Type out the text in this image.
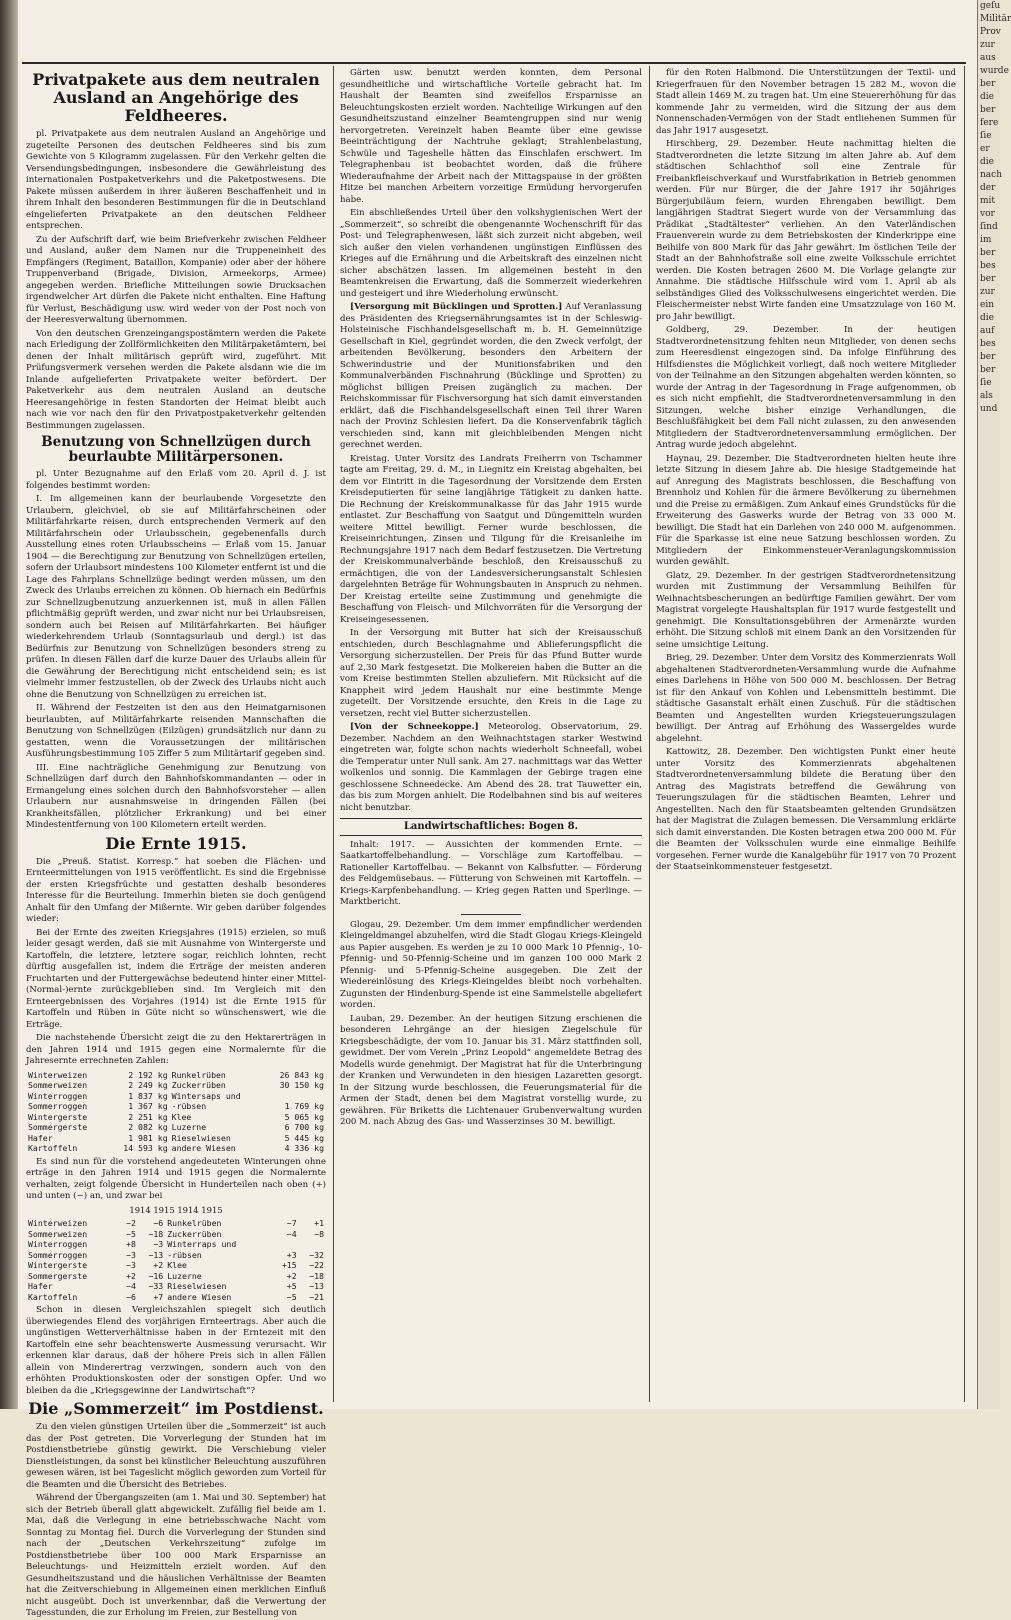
Privatpakete aus dem neutralen Ausland an Angehörige des Feldheeres.

pl. Privatpakete aus dem neutralen Ausland an Angehörige und zugeteilte Personen des deutschen Feldheeres sind bis zum Gewichte von 5 Kilogramm zugelassen. Für den Verkehr gelten die Versendungsbedingungen, insbesondere die Gewährleistung des internationalen Postpaketverkehrs und die Paketpostwesens. Die Pakete müssen außerdem in ihrer äußeren Beschaffenheit und in ihrem Inhalt den besonderen Bestimmungen für die in Deutschland eingelieferten Privatpakete an den deutschen Feldheer entsprechen.

Zu der Aufschrift darf, wie beim Briefverkehr zwischen Feldheer und Ausland, außer dem Namen nur die Truppeneinheit des Empfängers (Regiment, Bataillon, Kompanie) oder aber der höhere Truppenverband (Brigade, Division, Armeekorps, Armee) angegeben werden. Briefliche Mitteilungen sowie Drucksachen irgendwelcher Art dürfen die Pakete nicht enthalten. Eine Haftung für Verlust, Beschädigung usw. wird weder von der Post noch von der Heeresverwaltung übernommen.

Von den deutschen Grenzeingangspostämtern werden die Pakete nach Erledigung der Zollförmlichkeiten den Militärpaketämtern, bei denen der Inhalt militärisch geprüft wird, zugeführt. Mit Prüfungsvermerk versehen werden die Pakete alsdann wie die im Inlande aufgelieferten Privatpakete weiter befördert. Der Paketverkehr aus dem neutralen Ausland an deutsche Heeresangehörige in festen Standorten der Heimat bleibt auch nach wie vor nach den für den Privatpostpaketverkehr geltenden Bestimmungen zugelassen.

Benutzung von Schnellzügen durch beurlaubte Militärpersonen.

pl. Unter Bezugnahme auf den Erlaß vom 20. April d. J. ist folgendes bestimmt worden:

I. Im allgemeinen kann der beurlaubende Vorgesetzte den Urlaubern, gleichviel, ob sie auf Militärfahrscheinen oder Militärfahrkarte reisen, durch entsprechenden Vermerk auf den Militärfahrschein oder Urlaubsschein, gegebenenfalls durch Ausstellung eines roten Urlaubsscheins — Erlaß vom 15. Januar 1904 — die Berechtigung zur Benutzung von Schnellzügen erteilen, sofern der Urlaubsort mindestens 100 Kilometer entfernt ist und die Lage des Fahrplans Schnellzüge bedingt werden müssen, um den Zweck des Urlaubs erreichen zu können. Ob hiernach ein Bedürfnis zur Schnellzugbenutzung anzuerkennen ist, muß in allen Fällen pflichtmäßig geprüft werden, und zwar nicht nur bei Urlaubsreisen, sondern auch bei Reisen auf Militärfahrkarten. Bei häufiger wiederkehrendem Urlaub (Sonntagsurlaub und dergl.) ist das Bedürfnis zur Benutzung von Schnellzügen besonders streng zu prüfen. In diesen Fällen darf die kurze Dauer des Urlaubs allein für die Gewährung der Berechtigung nicht entscheidend sein; es ist vielmehr immer festzustellen, ob der Zweck des Urlaubs nicht auch ohne die Benutzung von Schnellzügen zu erreichen ist.

II. Während der Festzeiten ist den aus den Heimatgarnisonen beurlaubten, auf Militärfahrkarte reisenden Mannschaften die Benutzung von Schnellzügen (Eilzügen) grundsätzlich nur dann zu gestatten, wenn die Voraussetzungen der militärischen Ausführungsbestimmung 105 Ziffer 5 zum Militärtarif gegeben sind.

III. Eine nachträgliche Genehmigung zur Benutzung von Schnellzügen darf durch den Bahnhofskommandanten — oder in Ermangelung eines solchen durch den Bahnhofsvorsteher — allen Urlaubern nur ausnahmsweise in dringenden Fällen (bei Krankheitsfällen, plötzlicher Erkrankung) und bei einer Mindestentfernung von 100 Kilometern erteilt werden.

Die Ernte 1915.

Die „Preuß. Statist. Korresp.“ hat soeben die Flächen- und Ernteermittelungen von 1915 veröffentlicht. Es sind die Ergebnisse der ersten Kriegsfrüchte und gestatten deshalb besonderes Interesse für die Beurteilung. Immerhin bieten sie doch genügend Anhalt für den Umfang der Mißernte. Wir geben darüber folgendes wieder:

Bei der Ernte des zweiten Kriegsjahres (1915) erzielen, so muß leider gesagt werden, daß sie mit Ausnahme von Wintergerste und Kartoffeln, die letztere, letztere sogar, reichlich lohnten, recht dürftig ausgefallen ist, indem die Erträge der meisten anderen Fruchtarten und der Futtergewächse bedeutend hinter einer Mittel-(Normal-)ernte zurückgeblieben sind. Im Vergleich mit den Ernteergebnissen des Vorjahres (1914) ist die Ernte 1915 für Kartoffeln und Rüben in Güte nicht so wünschenswert, wie die Erträge.

Die nachstehende Übersicht zeigt die zu den Hektarerträgen in den Jahren 1914 und 1915 gegen eine Normalernte für die Jahresernte errechneten Zahlen:

Winterweizen	2 192 kg	Runkelrüben	26 843 kg
Sommerweizen	2 249 kg	Zuckerrüben	30 150 kg
Winterroggen	1 837 kg	Wintersaps und	
Sommerroggen	1 367 kg	-rübsen	1 769 kg
Wintergerste	2 251 kg	Klee	5 065 kg
Sommergerste	2 082 kg	Luzerne	6 700 kg
Hafer	1 981 kg	Rieselwiesen	5 445 kg
Kartoffeln	14 593 kg	andere Wiesen	4 336 kg

Es sind nun für die vorstehend angedeuteten Winterungen ohne erträge in den Jahren 1914 und 1915 gegen die Normalernte verhalten, zeigt folgende Übersicht in Hunderteilen nach oben (+) und unten (−) an, und zwar bei

1914 1915 1914 1915
Winterweizen	−2	−6	Runkelrüben	−7	+1
Sommerweizen	−5	−18	Zuckerrüben	−4	−8
Winterroggen	+8	−3	Winterraps und		
Sommerroggen	−3	−13	-rübsen	+3	−32
Wintergerste	−3	+2	Klee	+15	−22
Sommergerste	+2	−16	Luzerne	+2	−18
Hafer	−4	−33	Rieselwiesen	+5	−13
Kartoffeln	−6	+7	andere Wiesen	−5	−21

Schon in diesen Vergleichszahlen spiegelt sich deutlich überwiegendes Elend des vorjährigen Ernteertrags. Aber auch die ungünstigen Wetterverhältnisse haben in der Erntezeit mit den Kartoffeln eine sehr beachtenswerte Ausmessung verursacht. Wir erkennen klar daraus, daß der höhere Preis sich in allen Fällen allein von Minderertrag verzwingen, sondern auch von den erhöhten Produktionskosten oder der sonstigen Opfer. Und wo bleiben da die „Kriegsgewinne der Landwirtschaft“?

Die „Sommerzeit“ im Postdienst.

Zu den vielen günstigen Urteilen über die „Sommerzeit“ ist auch das der Post getreten. Die Vorverlegung der Stunden hat im Postdienstbetriebe günstig gewirkt. Die Verschiebung vieler Dienstleistungen, da sonst bei künstlicher Beleuchtung auszuführen gewesen wären, ist bei Tageslicht möglich geworden zum Vorteil für die Beamten und die Übersicht des Betriebes.

Während der Übergangszeiten (am 1. Mai und 30. September) hat sich der Betrieb überall glatt abgewickelt. Zufällig fiel beide am 1. Mai, daß die Verlegung in eine betriebsschwache Nacht vom Sonntag zu Montag fiel. Durch die Vorverlegung der Stunden sind nach der „Deutschen Verkehrszeitung“ zufolge im Postdienstbetriebe über 100 000 Mark Ersparnisse an Beleuchtungs- und Heizmitteln erzielt worden. Auf den Gesundheitszustand und die häuslichen Verhältnisse der Beamten hat die Zeitverschiebung in Allgemeinen einen merklichen Einfluß nicht ausgeübt. Doch ist unverkennbar, daß die Verwertung der Tagesstunden, die zur Erholung im Freien, zur Bestellung von

Gärten usw. benutzt werden konnten, dem Personal gesundheitliche und wirtschaftliche Vorteile gebracht hat. Im Haushalt der Beamten sind zweifellos Ersparnisse an Beleuchtungskosten erzielt worden. Nachteilige Wirkungen auf den Gesundheitszustand einzelner Beamtengruppen sind nur wenig hervorgetreten. Vereinzelt haben Beamte über eine gewisse Beeinträchtigung der Nachtruhe geklagt; Strahlenbelastung, Schwüle und Tageshelle hätten das Einschlafen erschwert. Im Telegraphenbau ist beobachtet worden, daß die frühere Wiederaufnahme der Arbeit nach der Mittagspause in der größten Hitze bei manchen Arbeitern vorzeitige Ermüdung hervorgerufen habe.

Ein abschließendes Urteil über den volkshygienischen Wert der „Sommerzeit“, so schreibt die obengenannte Wochenschrift für das Post- und Telegraphenwesen, läßt sich zurzeit nicht abgeben, weil sich außer den vielen vorhandenen ungünstigen Einflüssen des Krieges auf die Ernährung und die Arbeitskraft des einzelnen nicht sicher abschätzen lassen. Im allgemeinen besteht in den Beamtenkreisen die Erwartung, daß die Sommerzeit wiederkehren und gesteigert und ihre Wiederholung erwünscht.

[Versorgung mit Bücklingen und Sprotten.] Auf Veranlassung des Präsidenten des Kriegsernährungsamtes ist in der Schleswig-Holsteinische Fischhandelsgesellschaft m. b. H. Gemeinnützige Gesellschaft in Kiel, gegründet worden, die den Zweck verfolgt, der arbeitenden Bevölkerung, besonders den Arbeitern der Schwerindustrie und der Munitionsfabriken und den Kommunalverbänden Fischnahrung (Bücklinge und Sprotten) zu möglichst billigen Preisen zugänglich zu machen. Der Reichskommissar für Fischversorgung hat sich damit einverstanden erklärt, daß die Fischhandelsgesellschaft einen Teil ihrer Waren nach der Provinz Schlesien liefert. Da die Konservenfabrik täglich verschieden sind, kann mit gleichbleibenden Mengen nicht gerechnet werden.

Kreistag. Unter Vorsitz des Landrats Freiherrn von Tschammer tagte am Freitag, 29. d. M., in Liegnitz ein Kreistag abgehalten, bei dem vor Eintritt in die Tagesordnung der Vorsitzende dem Ersten Kreisdeputierten für seine langjährige Tätigkeit zu danken hatte. Die Rechnung der Kreiskommunalkasse für das Jahr 1915 wurde entlastet. Zur Beschaffung von Saatgut und Düngemitteln wurden weitere Mittel bewilligt. Ferner wurde beschlossen, die Kreiseinrichtungen, Zinsen und Tilgung für die Kreisanleihe im Rechnungsjahre 1917 nach dem Bedarf festzusetzen. Die Vertretung der Kreiskommunalverbände beschloß, den Kreisausschuß zu ermächtigen, die von der Landesversicherungsanstalt Schlesien dargelehnten Beträge für Wohnungsbauten in Anspruch zu nehmen. Der Kreistag erteilte seine Zustimmung und genehmigte die Beschaffung von Fleisch- und Milchvorräten für die Versorgung der Kreiseingesessenen.

In der Versorgung mit Butter hat sich der Kreisausschuß entschieden, durch Beschlagnahme und Ablieferungspflicht die Versorgung sicherzustellen. Der Preis für das Pfund Butter wurde auf 2,30 Mark festgesetzt. Die Molkereien haben die Butter an die vom Kreise bestimmten Stellen abzuliefern. Mit Rücksicht auf die Knappheit wird jedem Haushalt nur eine bestimmte Menge zugeteilt. Der Vorsitzende ersuchte, den Kreis in die Lage zu versetzen, recht viel Butter sicherzustellen.

[Von der Schneekoppe.] Meteorolog. Observatorium, 29. Dezember. Nachdem an den Weihnachtstagen starker Westwind eingetreten war, folgte schon nachts wiederholt Schneefall, wobei die Temperatur unter Null sank. Am 27. nachmittags war das Wetter wolkenlos und sonnig. Die Kammlagen der Gebirge tragen eine geschlossene Schneedecke. Am Abend des 28. trat Tauwetter ein, das bis zum Morgen anhielt. Die Rodelbahnen sind bis auf weiteres nicht benutzbar.

Landwirtschaftliches: Bogen 8.

Inhalt: 1917. — Aussichten der kommenden Ernte. — Saatkartoffelbehandlung. — Vorschläge zum Kartoffelbau. — Rationeller Kartoffelbau. — Bekannt von Kalbsfutter. — Förderung des Feldgemüsebaus. — Fütterung von Schweinen mit Kartoffeln. — Kriegs-Karpfenbehandlung. — Krieg gegen Ratten und Sperlinge. — Marktbericht.

Glogau, 29. Dezember. Um dem immer empfindlicher werdenden Kleingeldmangel abzuhelfen, wird die Stadt Glogau Kriegs-Kleingeld aus Papier ausgeben. Es werden je zu 10 000 Mark 10 Pfennig-, 10-Pfennig- und 50-Pfennig-Scheine und im ganzen 100 000 Mark 2 Pfennig- und 5-Pfennig-Scheine ausgegeben. Die Zeit der Wiedereinlösung des Kriegs-Kleingeldes bleibt noch vorbehalten. Zugunsten der Hindenburg-Spende ist eine Sammelstelle abgeliefert worden.

Lauban, 29. Dezember. An der heutigen Sitzung erschienen die besonderen Lehrgänge an der hiesigen Ziegelschule für Kriegsbeschädigte, der vom 10. Januar bis 31. März stattfinden soll, gewidmet. Der vom Verein „Prinz Leopold“ angemeldete Betrag des Modells wurde genehmigt. Der Magistrat hat für die Unterbringung der Kranken und Verwundeten in den hiesigen Lazaretten gesorgt. In der Sitzung wurde beschlossen, die Feuerungsmaterial für die Armen der Stadt, denen bei dem Magistrat vorstellig wurde, zu gewähren. Für Briketts die Lichtenauer Grubenverwaltung wurden 200 M. nach Abzug des Gas- und Wasserzinses 30 M. bewilligt.

für den Roten Halbmond. Die Unterstützungen der Textil- und Kriegerfrauen für den November betragen 15 282 M., wovon die Stadt allein 1469 M. zu tragen hat. Um eine Steuererhöhung für das kommende Jahr zu vermeiden, wird die Sitzung der aus dem Nonnenschaden-Vermögen von der Stadt entliehenen Summen für das Jahr 1917 ausgesetzt.

Hirschberg, 29. Dezember. Heute nachmittag hielten die Stadtverordneten die letzte Sitzung im alten Jahre ab. Auf dem städtischen Schlachthof soll eine Zentrale für Freibankfleischverkauf und Wurstfabrikation in Betrieb genommen werden. Für nur Bürger, die der Jahre 1917 ihr 50jähriges Bürgerjubiläum feiern, wurden Ehrengaben bewilligt. Dem langjährigen Stadtrat Siegert wurde von der Versammlung das Prädikat „Stadtältester“ verliehen. An den Vaterländischen Frauenverein wurde zu dem Betriebskosten der Kinderkrippe eine Beihilfe von 800 Mark für das Jahr gewährt. Im östlichen Teile der Stadt an der Bahnhofstraße soll eine zweite Volksschule errichtet werden. Die Kosten betragen 2600 M. Die Vorlage gelangte zur Annahme. Die städtische Hilfsschule wird vom 1. April ab als selbständiges Glied des Volksschulwesens eingerichtet werden. Die Fleischermeister nebst Wirte fanden eine Umsatzzulage von 160 M. pro Jahr bewilligt.

Goldberg, 29. Dezember. In der heutigen Stadtverordnetensitzung fehlten neun Mitglieder, von denen sechs zum Heeresdienst eingezogen sind. Da infolge Einführung des Hilfsdienstes die Möglichkeit vorliegt, daß noch weitere Mitglieder von der Teilnahme an den Sitzungen abgehalten werden könnten, so wurde der Antrag in der Tagesordnung in Frage aufgenommen, ob es sich nicht empfiehlt, die Stadtverordnetenversammlung in den Sitzungen, welche bisher einzige Verhandlungen, die Beschlußfähigkeit bei dem Fall nicht zulassen, zu den anwesenden Mitgliedern der Stadtverordnetenversammlung ermöglichen. Der Antrag wurde jedoch abgelehnt.

Haynau, 29. Dezember. Die Stadtverordneten hielten heute ihre letzte Sitzung in diesem Jahre ab. Die hiesige Stadtgemeinde hat auf Anregung des Magistrats beschlossen, die Beschaffung von Brennholz und Kohlen für die ärmere Bevölkerung zu übernehmen und die Preise zu ermäßigen. Zum Ankauf eines Grundstücks für die Erweiterung des Gaswerks wurde der Betrag von 33 000 M. bewilligt. Die Stadt hat ein Darlehen von 240 000 M. aufgenommen. Für die Sparkasse ist eine neue Satzung beschlossen worden. Zu Mitgliedern der Einkommensteuer-Veranlagungskommission wurden gewählt.

Glatz, 29. Dezember. In der gestrigen Stadtverordnetensitzung wurden mit Zustimmung der Versammlung Beihilfen für Weihnachtsbescherungen an bedürftige Familien gewährt. Der vom Magistrat vorgelegte Haushaltsplan für 1917 wurde festgestellt und genehmigt. Die Konsultationsgebühren der Armenärzte wurden erhöht. Die Sitzung schloß mit einem Dank an den Vorsitzenden für seine umsichtige Leitung.

Brieg, 29. Dezember. Unter dem Vorsitz des Kommerzienrats Woll abgehaltenen Stadtverordneten-Versammlung wurde die Aufnahme eines Darlehens in Höhe von 500 000 M. beschlossen. Der Betrag ist für den Ankauf von Kohlen und Lebensmitteln bestimmt. Die städtische Gasanstalt erhält einen Zuschuß. Für die städtischen Beamten und Angestellten wurden Kriegsteuerungszulagen bewilligt. Der Antrag auf Erhöhung des Wassergeldes wurde abgelehnt.

Kattowitz, 28. Dezember. Den wichtigsten Punkt einer heute unter Vorsitz des Kommerzienrats abgehaltenen Stadtverordnetenversammlung bildete die Beratung über den Antrag des Magistrats betreffend die Gewährung von Teuerungszulagen für die städtischen Beamten, Lehrer und Angestellten. Nach den für Staatsbeamten geltenden Grundsätzen hat der Magistrat die Zulagen bemessen. Die Versammlung erklärte sich damit einverstanden. Die Kosten betragen etwa 200 000 M. Für die Beamten der Volksschulen wurde eine einmalige Beihilfe vorgesehen. Ferner wurde die Kanalgebühr für 1917 von 70 Prozent der Staatseinkommensteuer festgesetzt.

geſu
Militär
Prov
zur
aus
wurde
ber
die
ber
fere
ſie
er
die
nach
der
mit
vor
ſind
im
ber
bes
ber
zur
ein
die
auf
bes
ber
ber
ſie
als
und
